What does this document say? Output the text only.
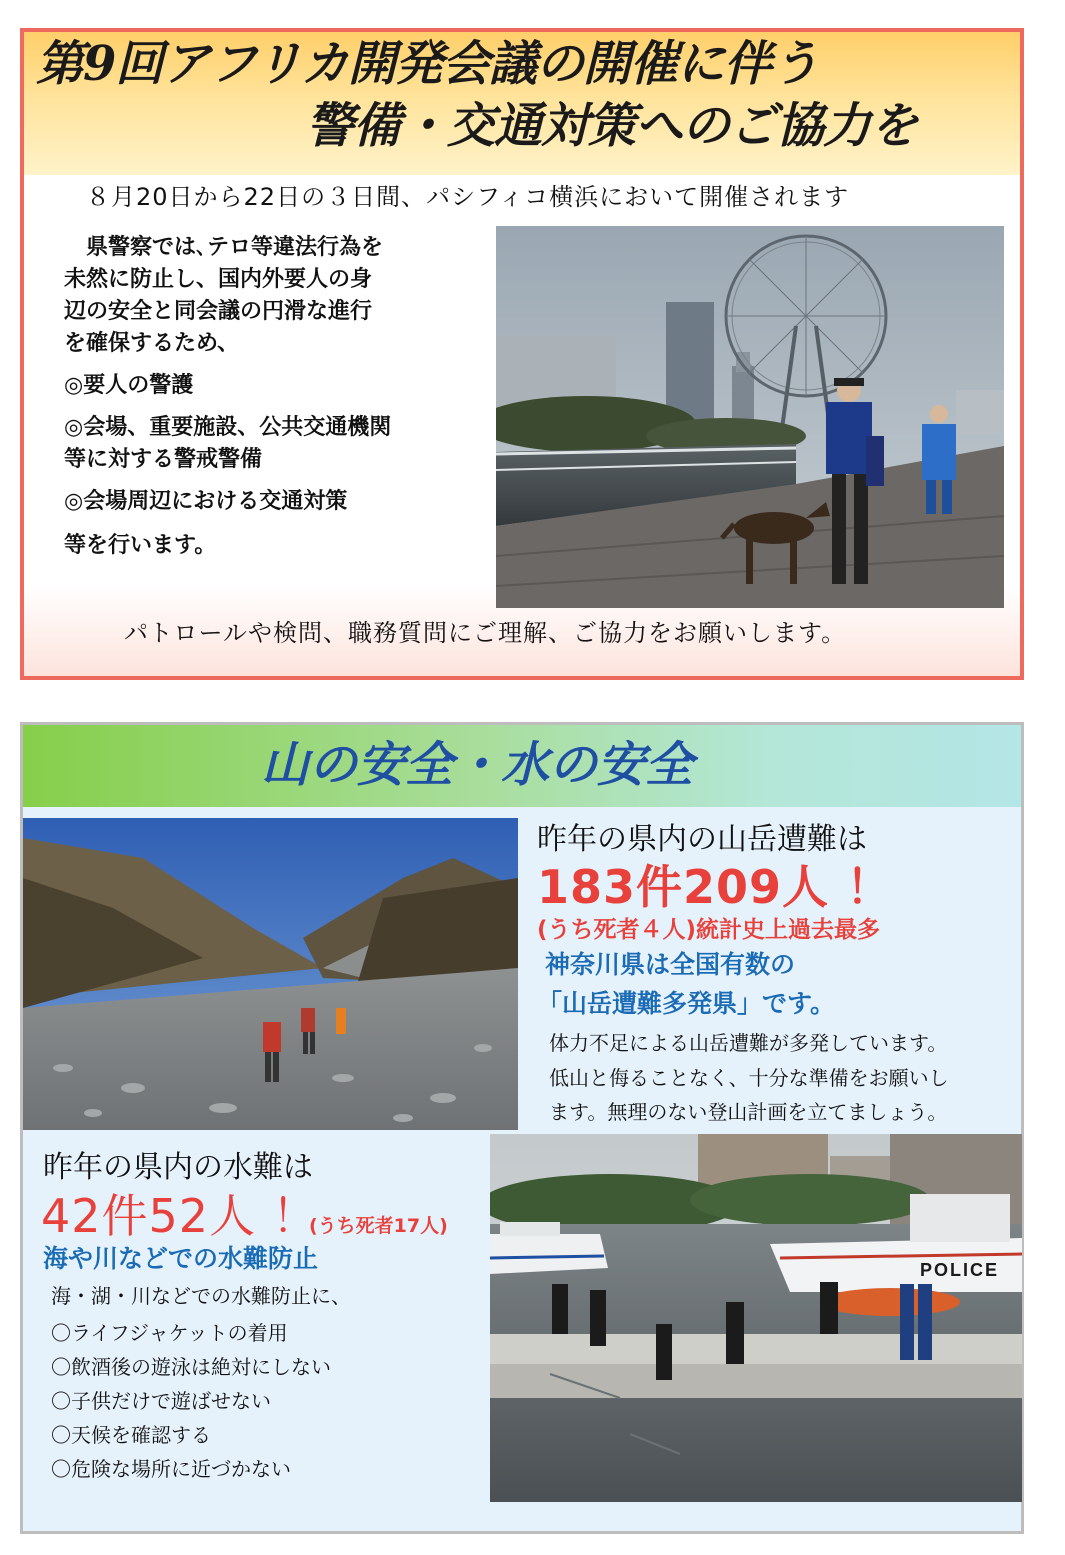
第9回アフリカ開発会議の開催に伴う
警備・交通対策へのご協力を
８月20日から22日の３日間、パシフィコ横浜において開催されます
　県警察では､テロ等違法行為を
未然に防止し、国内外要人の身
辺の安全と同会議の円滑な進行
を確保するため、
◎要人の警護
◎会場、重要施設、公共交通機関
等に対する警戒警備
◎会場周辺における交通対策
等を行います。
パトロールや検問、職務質問にご理解、ご協力をお願いします。
山の安全・水の安全
昨年の県内の山岳遭難は
183件209人 ！
(うち死者４人)統計史上過去最多
神奈川県は全国有数の
「山岳遭難多発県」です。
体力不足による山岳遭難が多発しています。
低山と侮ることなく、十分な準備をお願いし
ます。無理のない登山計画を立てましょう。
昨年の県内の水難は
42件52人 ！
(うち死者17人)
海や川などでの水難防止
海・湖・川などでの水難防止に、
〇ライフジャケットの着用
〇飲酒後の遊泳は絶対にしない
〇子供だけで遊ばせない
〇天候を確認する
〇危険な場所に近づかない
POLICE
